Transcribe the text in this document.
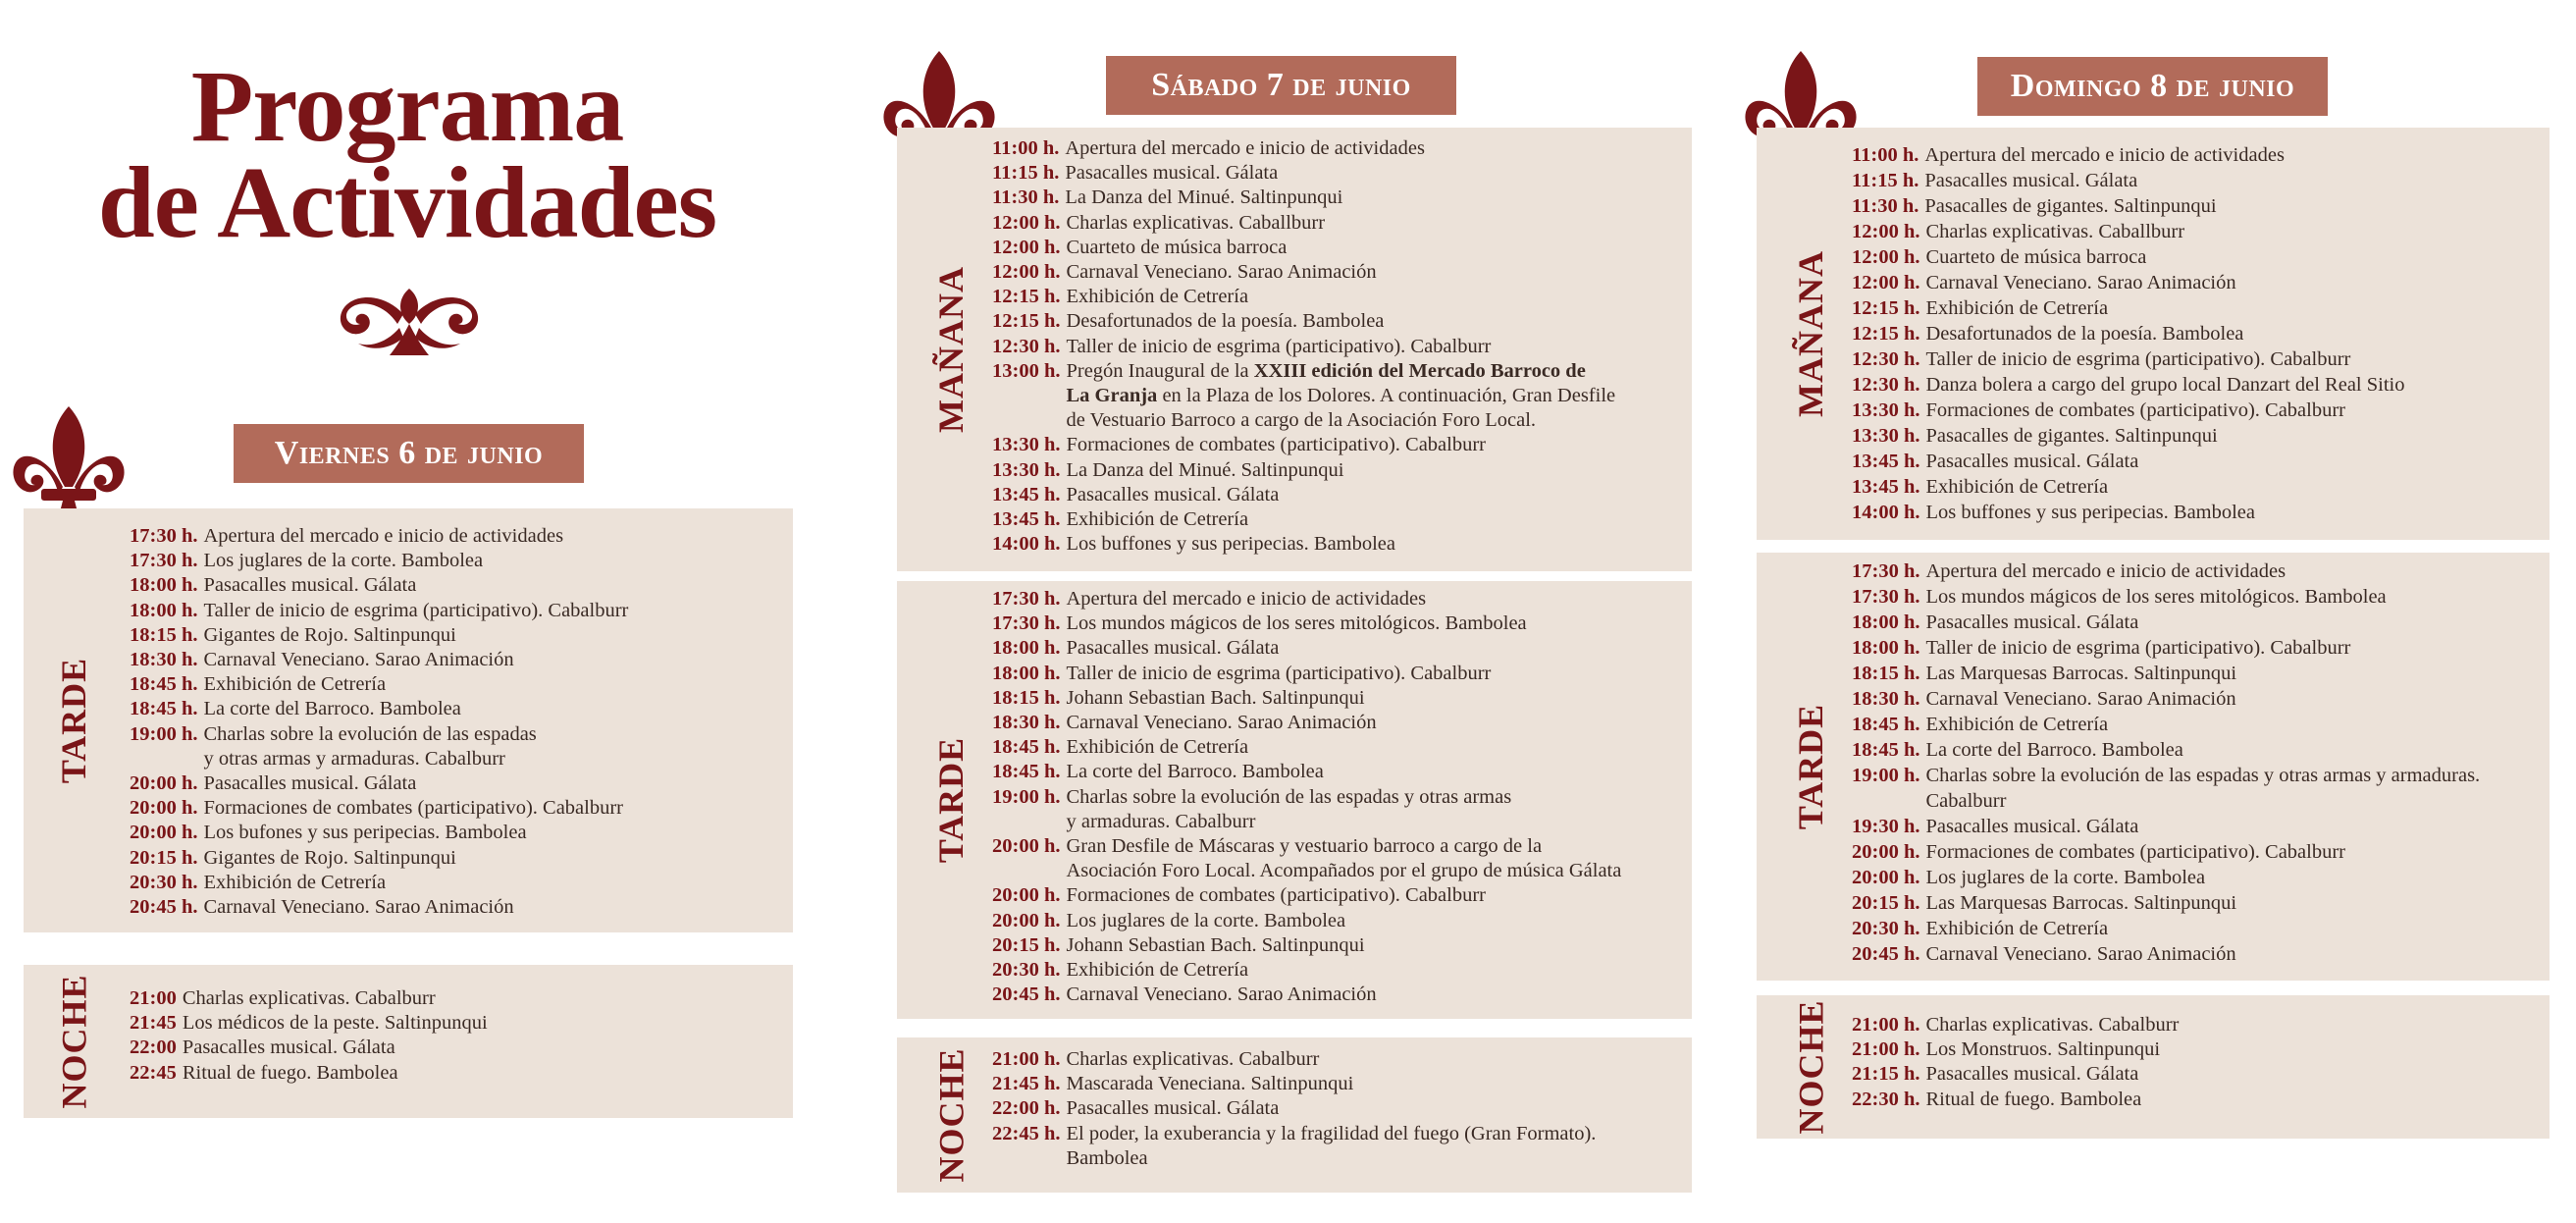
Programa
de Actividades
Viernes 6 de junio
Sábado 7 de junio	Domingo 8 de junio
TARDE
17:30 h. Apertura del mercado e inicio de actividades
17:30 h. Los juglares de la corte. Bambolea
18:00 h. Pasacalles musical. Gálata
18:00 h. Taller de inicio de esgrima (participativo). Cabalburr
18:15 h. Gigantes de Rojo. Saltinpunqui
18:30 h. Carnaval Veneciano. Sarao Animación
18:45 h. Exhibición de Cetrería
18:45 h. La corte del Barroco. Bambolea
19:00 h. Charlas sobre la evolución de las espadas
y otras armas y armaduras. Cabalburr
20:00 h. Pasacalles musical. Gálata
20:00 h. Formaciones de combates (participativo). Cabalburr
20:00 h. Los bufones y sus peripecias. Bambolea
20:15 h. Gigantes de Rojo. Saltinpunqui
20:30 h. Exhibición de Cetrería
20:45 h. Carnaval Veneciano. Sarao Animación
NOCHE 21:00 Charlas explicativas. Cabalburr
21:45 Los médicos de la peste. Saltinpunqui
22:00 Pasacalles musical. Gálata
22:45 Ritual de fuego. Bambolea
MAÑANA
11:00 h. Apertura del mercado e inicio de actividades
11:15 h. Pasacalles musical. Gálata
11:30 h. La Danza del Minué. Saltinpunqui
12:00 h. Charlas explicativas. Caballburr
12:00 h. Cuarteto de música barroca
12:00 h. Carnaval Veneciano. Sarao Animación
12:15 h. Exhibición de Cetrería
12:15 h. Desafortunados de la poesía. Bambolea
12:30 h. Taller de inicio de esgrima (participativo). Cabalburr
13:00 h. Pregón Inaugural de la XXIII edición del Mercado Barroco de
La Granja en la Plaza de los Dolores. A continuación, Gran Desfile
de Vestuario Barroco a cargo de la Asociación Foro Local.
13:30 h. Formaciones de combates (participativo). Cabalburr
13:30 h. La Danza del Minué. Saltinpunqui
13:45 h. Pasacalles musical. Gálata
13:45 h. Exhibición de Cetrería
14:00 h. Los buffones y sus peripecias. Bambolea
TARDE
17:30 h. Apertura del mercado e inicio de actividades
17:30 h. Los mundos mágicos de los seres mitológicos. Bambolea
18:00 h. Pasacalles musical. Gálata
18:00 h. Taller de inicio de esgrima (participativo). Cabalburr
18:15 h. Johann Sebastian Bach. Saltinpunqui
18:30 h. Carnaval Veneciano. Sarao Animación
18:45 h. Exhibición de Cetrería
18:45 h. La corte del Barroco. Bambolea
19:00 h. Charlas sobre la evolución de las espadas y otras armas
y armaduras. Cabalburr
20:00 h. Gran Desfile de Máscaras y vestuario barroco a cargo de la
Asociación Foro Local. Acompañados por el grupo de música Gálata
20:00 h. Formaciones de combates (participativo). Cabalburr
20:00 h. Los juglares de la corte. Bambolea
20:15 h. Johann Sebastian Bach. Saltinpunqui
20:30 h. Exhibición de Cetrería
20:45 h. Carnaval Veneciano. Sarao Animación
NOCHE 21:00 h. Charlas explicativas. Cabalburr
21:45 h. Mascarada Veneciana. Saltinpunqui
22:00 h. Pasacalles musical. Gálata
22:45 h. El poder, la exuberancia y la fragilidad del fuego (Gran Formato).
Bambolea
MAÑANA
11:00 h. Apertura del mercado e inicio de actividades
11:15 h. Pasacalles musical. Gálata
11:30 h. Pasacalles de gigantes. Saltinpunqui
12:00 h. Charlas explicativas. Caballburr
12:00 h. Cuarteto de música barroca
12:00 h. Carnaval Veneciano. Sarao Animación
12:15 h. Exhibición de Cetrería
12:15 h. Desafortunados de la poesía. Bambolea
12:30 h. Taller de inicio de esgrima (participativo). Cabalburr
12:30 h. Danza bolera a cargo del grupo local Danzart del Real Sitio
13:30 h. Formaciones de combates (participativo). Cabalburr
13:30 h. Pasacalles de gigantes. Saltinpunqui
13:45 h. Pasacalles musical. Gálata
13:45 h. Exhibición de Cetrería
14:00 h. Los buffones y sus peripecias. Bambolea
TARDE
17:30 h. Apertura del mercado e inicio de actividades
17:30 h. Los mundos mágicos de los seres mitológicos. Bambolea
18:00 h. Pasacalles musical. Gálata
18:00 h. Taller de inicio de esgrima (participativo). Cabalburr
18:15 h. Las Marquesas Barrocas. Saltinpunqui
18:30 h. Carnaval Veneciano. Sarao Animación
18:45 h. Exhibición de Cetrería
18:45 h. La corte del Barroco. Bambolea
19:00 h. Charlas sobre la evolución de las espadas y otras armas y armaduras.
Cabalburr
19:30 h. Pasacalles musical. Gálata
20:00 h. Formaciones de combates (participativo). Cabalburr
20:00 h. Los juglares de la corte. Bambolea
20:15 h. Las Marquesas Barrocas. Saltinpunqui
20:30 h. Exhibición de Cetrería
20:45 h. Carnaval Veneciano. Sarao Animación
NOCHE 21:00 h. Charlas explicativas. Cabalburr
21:00 h. Los Monstruos. Saltinpunqui
21:15 h. Pasacalles musical. Gálata
22:30 h. Ritual de fuego. Bambolea
